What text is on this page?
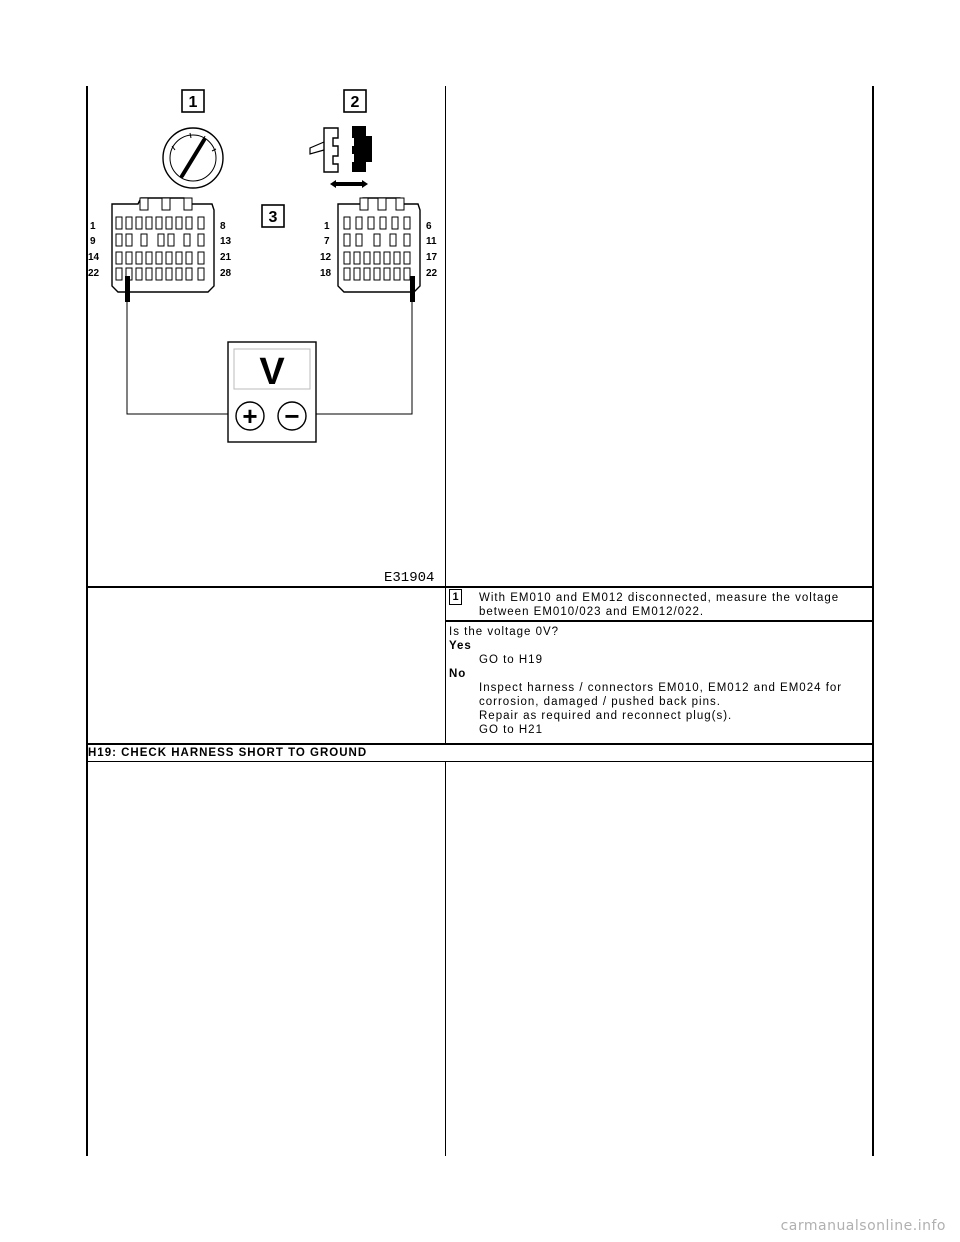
1	2
3
1
9
14
22
8
13
21
28
1
7
12
18
6
11
17
22
V
+ −
E31904
1 With EM010 and EM012 disconnected, measure the voltage
between EM010/023 and EM012/022.
Is the voltage 0V?
Yes
GO to H19
No
Inspect harness / connectors EM010, EM012 and EM024 for
corrosion, damaged / pushed back pins.
Repair as required and reconnect plug(s).
GO to H21
H19: CHECK HARNESS SHORT TO GROUND
carmanualsonline.info
